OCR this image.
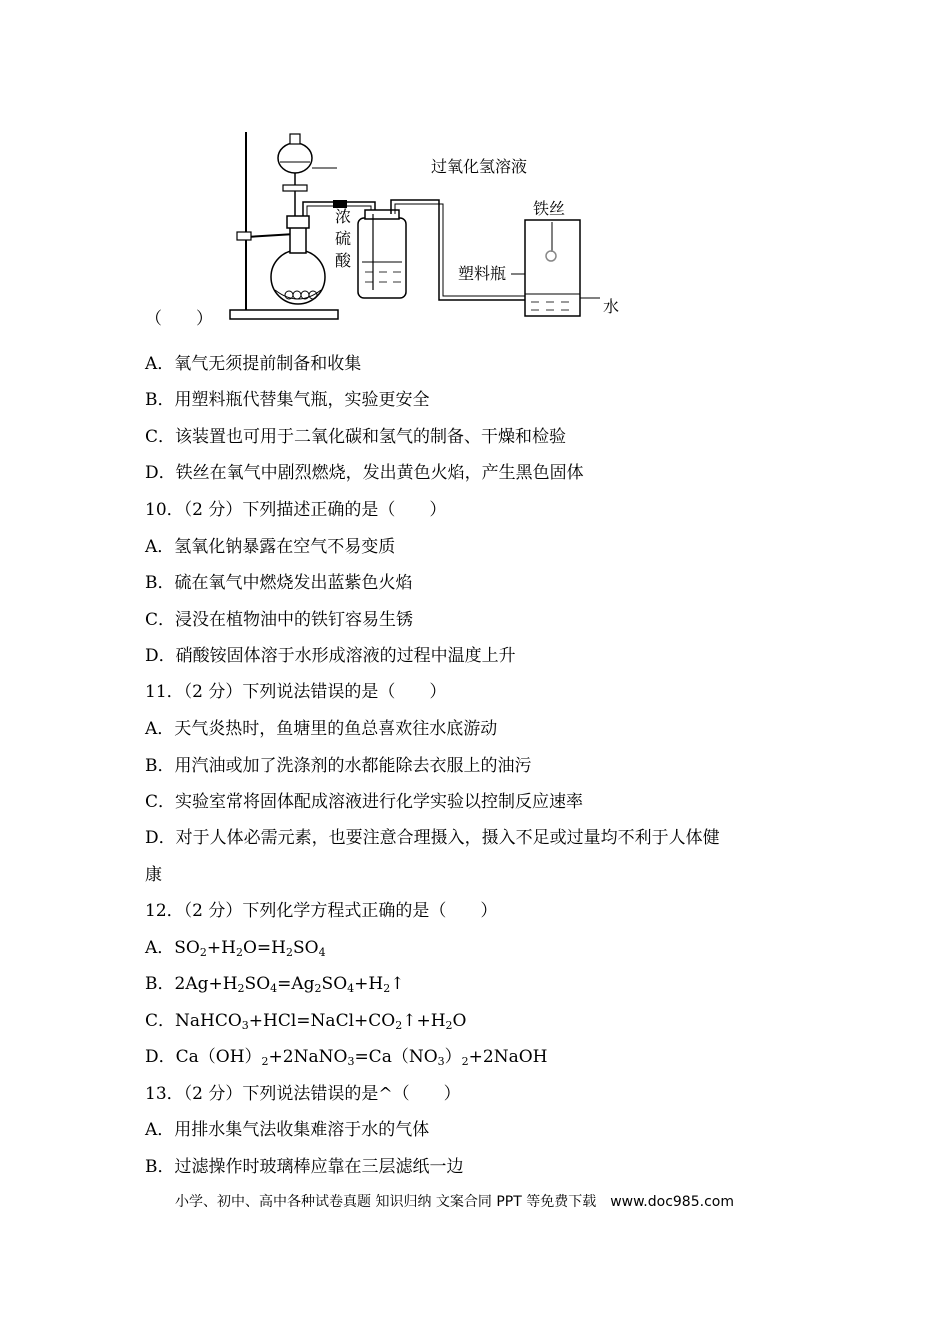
过氧化氢溶液
浓
硫
酸
铁丝
塑料瓶
水
（　　）
A．氧气无须提前制备和收集
B．用塑料瓶代替集气瓶，实验更安全
C．该装置也可用于二氧化碳和氢气的制备、干燥和检验
D．铁丝在氧气中剧烈燃烧，发出黄色火焰，产生黑色固体
10．（2 分）下列描述正确的是（　　）
A．氢氧化钠暴露在空气不易变质
B．硫在氧气中燃烧发出蓝紫色火焰
C．浸没在植物油中的铁钉容易生锈
D．硝酸铵固体溶于水形成溶液的过程中温度上升
11．（2 分）下列说法错误的是（　　）
A．天气炎热时，鱼塘里的鱼总喜欢往水底游动
B．用汽油或加了洗涤剂的水都能除去衣服上的油污
C．实验室常将固体配成溶液进行化学实验以控制反应速率
D．对于人体必需元素，也要注意合理摄入，摄入不足或过量均不利于人体健
康
12．（2 分）下列化学方程式正确的是（　　）
A．$SO_2+H_2O=H_2SO_4$
B．$2Ag+H_2SO_4=Ag_2SO_4+H_2↑$
C．$NaHCO_3+HCl=NaCl+CO_2↑+H_2O$
D．$Ca(OH)_2+2NaNO_3=Ca(NO_3)_2+2NaOH$
13．（2 分）下列说法错误的是^（　　）
A．用排水集气法收集难溶于水的气体
B．过滤操作时玻璃棒应靠在三层滤纸一边
小学、初中、高中各种试卷真题 知识归纳 文案合同 PPT 等免费下载　www.doc985.com
